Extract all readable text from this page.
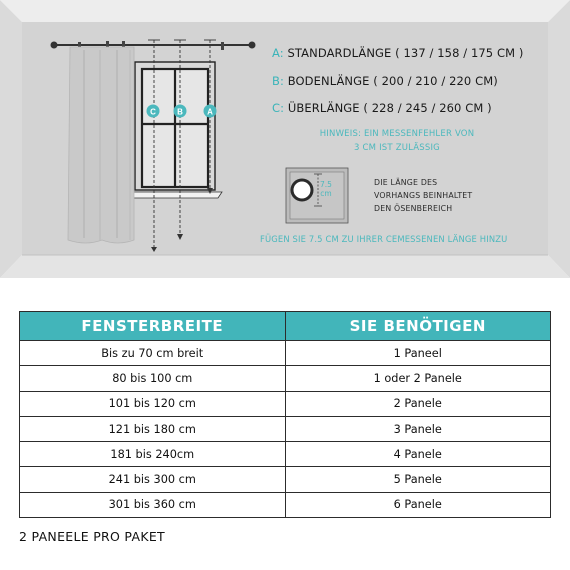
C	B	A
7.5
cm
A: STANDARDLÄNGE ( 137 / 158 / 175 CM )
B: BODENLÄNGE ( 200 / 210 / 220 CM)
C: ÜBERLÄNGE ( 228 / 245 / 260 CM )
HINWEIS: EIN MESSENFEHLER VON
3 CM IST ZULÄSSIG
DIE LÄNGE DES
VORHANGS BEINHALTET
DEN ÖSENBEREICH
FÜGEN SIE 7.5 CM ZU IHRER CEMESSENEN LÄNGE HINZU
FENSTERBREITE	SIE BENÖTIGEN
Bis zu 70 cm breit	1 Paneel
80 bis 100 cm	1 oder 2 Panele
101 bis 120 cm	2 Panele
121 bis 180 cm	3 Panele
181 bis 240cm	4 Panele
241 bis 300 cm	5 Panele
301 bis 360 cm	6 Panele
2 PANEELE PRO PAKET
